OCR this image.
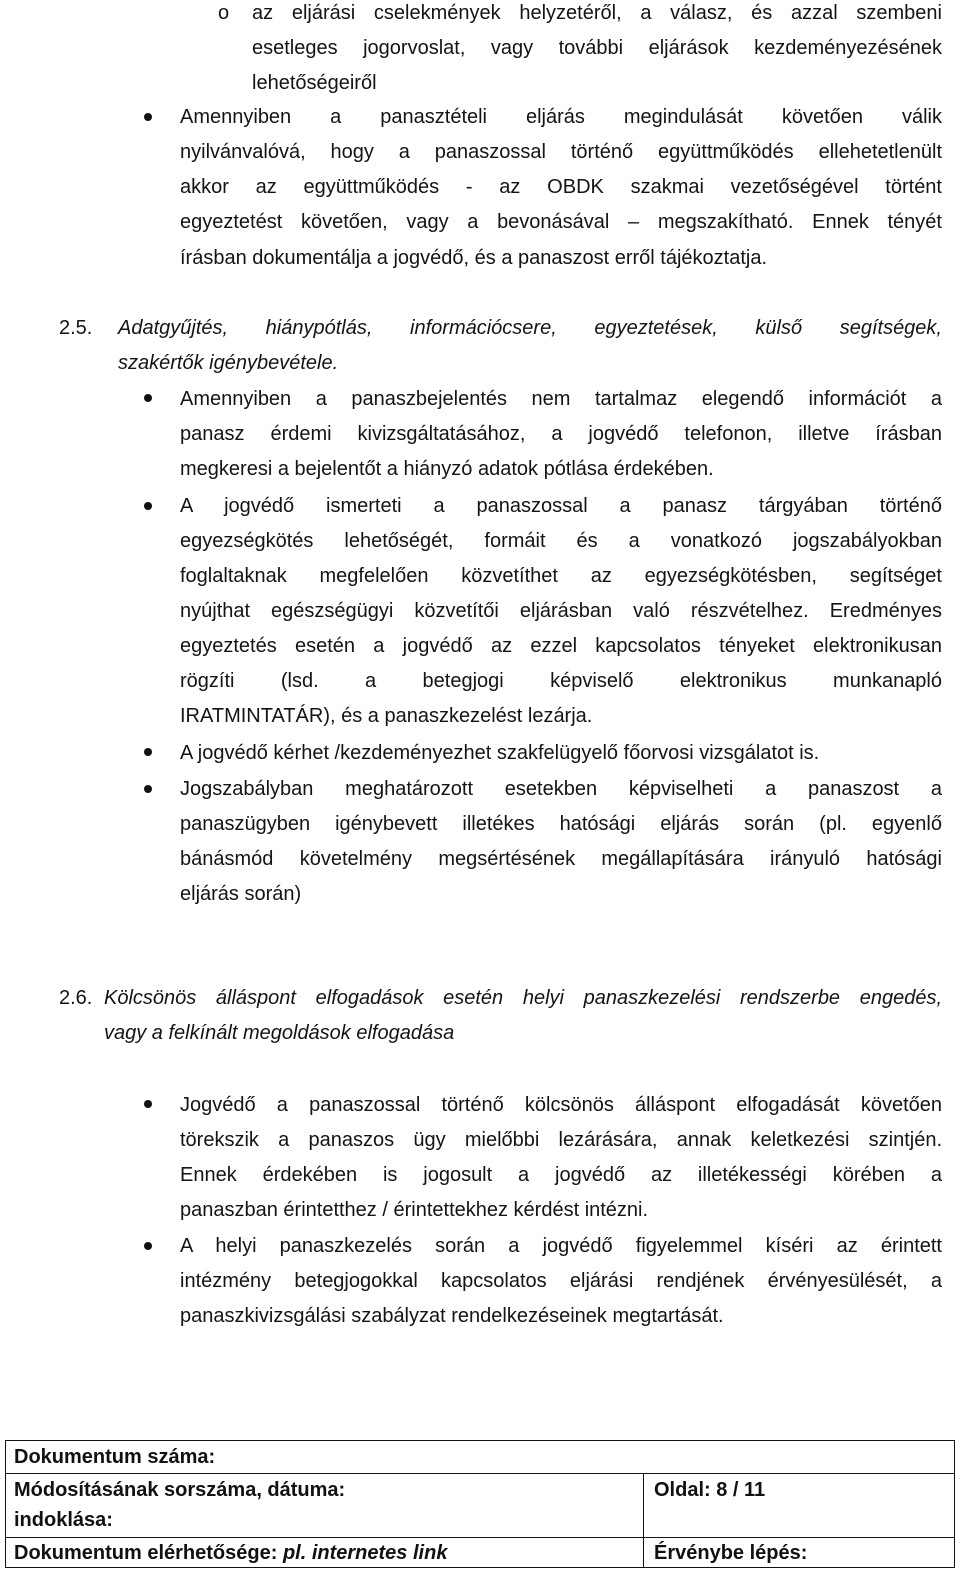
o az eljárási cselekmények helyzetéről, a válasz, és azzal szembeni
esetleges jogorvoslat, vagy további eljárások kezdeményezésének
lehetőségeiről
Amennyiben a panasztételi eljárás megindulását követően válik
nyilvánvalóvá, hogy a panaszossal történő együttműködés ellehetetlenült
akkor az együttműködés - az OBDK szakmai vezetőségével történt
egyeztetést követően, vagy a bevonásával – megszakítható. Ennek tényét
írásban dokumentálja a jogvédő, és a panaszost erről tájékoztatja.
2.5. Adatgyűjtés, hiánypótlás, információcsere, egyeztetések, külső segítségek,
szakértők igénybevétele.
Amennyiben a panaszbejelentés nem tartalmaz elegendő információt a
panasz érdemi kivizsgáltatásához, a jogvédő telefonon, illetve írásban
megkeresi a bejelentőt a hiányzó adatok pótlása érdekében.
A jogvédő ismerteti a panaszossal a panasz tárgyában történő
egyezségkötés lehetőségét, formáit és a vonatkozó jogszabályokban
foglaltaknak megfelelően közvetíthet az egyezségkötésben, segítséget
nyújthat egészségügyi közvetítői eljárásban való részvételhez. Eredményes
egyeztetés esetén a jogvédő az ezzel kapcsolatos tényeket elektronikusan
rögzíti (lsd. a betegjogi képviselő elektronikus munkanapló
IRATMINTATÁR), és a panaszkezelést lezárja.
A jogvédő kérhet /kezdeményezhet szakfelügyelő főorvosi vizsgálatot is.
Jogszabályban meghatározott esetekben képviselheti a panaszost a
panaszügyben igénybevett illetékes hatósági eljárás során (pl. egyenlő
bánásmód követelmény megsértésének megállapítására irányuló hatósági
eljárás során)
2.6. Kölcsönös álláspont elfogadások esetén helyi panaszkezelési rendszerbe engedés,
vagy a felkínált megoldások elfogadása
Jogvédő a panaszossal történő kölcsönös álláspont elfogadását követően
törekszik a panaszos ügy mielőbbi lezárására, annak keletkezési szintjén.
Ennek érdekében is jogosult a jogvédő az illetékességi körében a
panaszban érintetthez / érintettekhez kérdést intézni.
A helyi panaszkezelés során a jogvédő figyelemmel kíséri az érintett
intézmény betegjogokkal kapcsolatos eljárási rendjének érvényesülését, a
panaszkivizsgálási szabályzat rendelkezéseinek megtartását.
Dokumentum száma:
Módosításának sorszáma, dátuma:
indoklása:
Oldal: 8 / 11
Dokumentum elérhetősége: pl. internetes link	Érvénybe lépés:
